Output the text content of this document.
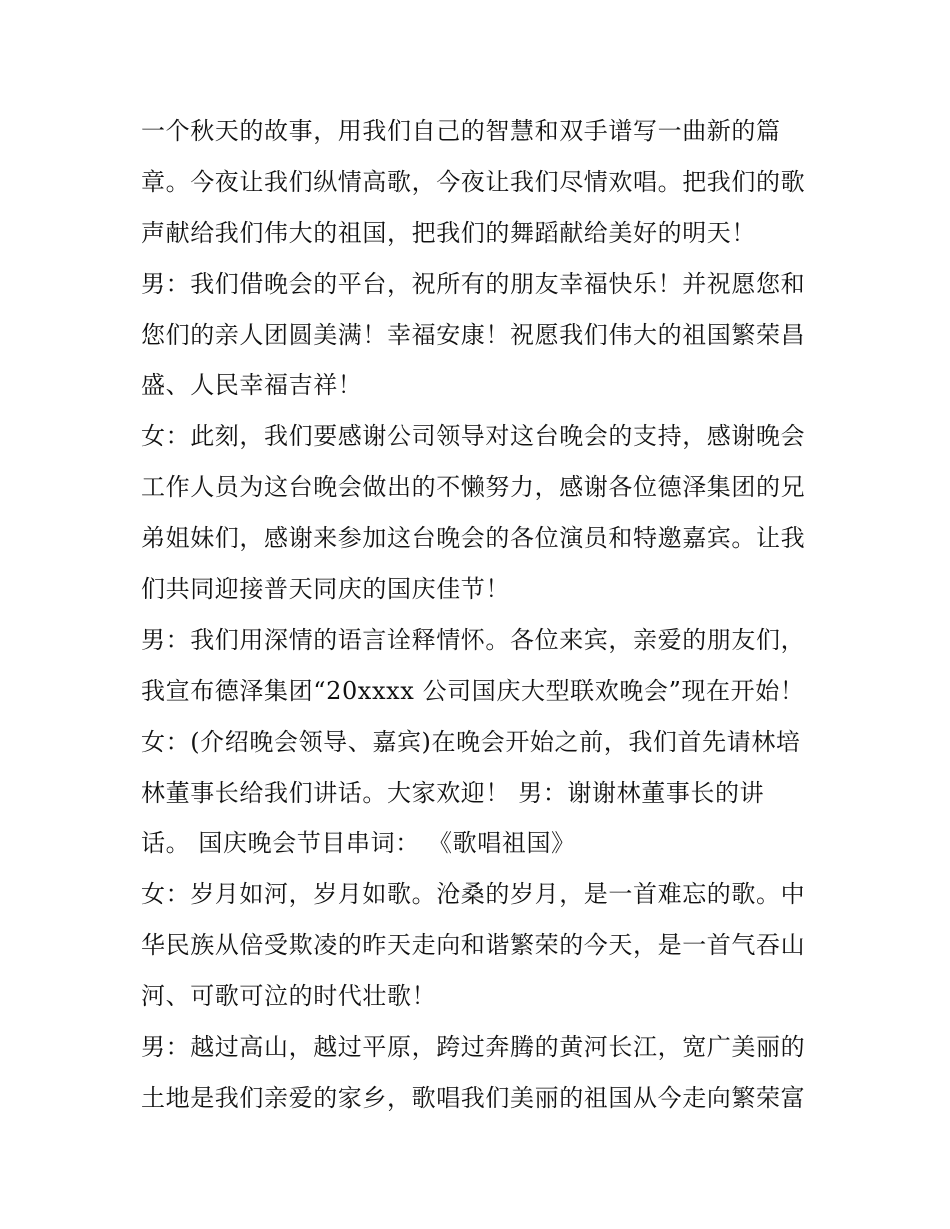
一个秋天的故事，用我们自己的智慧和双手谱写一曲新的篇
章。今夜让我们纵情高歌，今夜让我们尽情欢唱。把我们的歌
声献给我们伟大的祖国，把我们的舞蹈献给美好的明天！
男：我们借晚会的平台，祝所有的朋友幸福快乐！并祝愿您和
您们的亲人团圆美满！幸福安康！祝愿我们伟大的祖国繁荣昌
盛、人民幸福吉祥！
女：此刻，我们要感谢公司领导对这台晚会的支持，感谢晚会
工作人员为这台晚会做出的不懒努力，感谢各位德泽集团的兄
弟姐妹们，感谢来参加这台晚会的各位演员和特邀嘉宾。让我
们共同迎接普天同庆的国庆佳节！
男：我们用深情的语言诠释情怀。各位来宾，亲爱的朋友们，
我宣布德泽集团“20xxxx 公司国庆大型联欢晚会”现在开始！
女：(介绍晚会领导、嘉宾)在晚会开始之前，我们首先请林培
林董事长给我们讲话。大家欢迎！ 男：谢谢林董事长的讲
话。 国庆晚会节目串词： 《歌唱祖国》
女：岁月如河，岁月如歌。沧桑的岁月，是一首难忘的歌。中
华民族从倍受欺凌的昨天走向和谐繁荣的今天，是一首气吞山
河、可歌可泣的时代壮歌！
男：越过高山，越过平原，跨过奔腾的黄河长江，宽广美丽的
土地是我们亲爱的家乡，歌唱我们美丽的祖国从今走向繁荣富
